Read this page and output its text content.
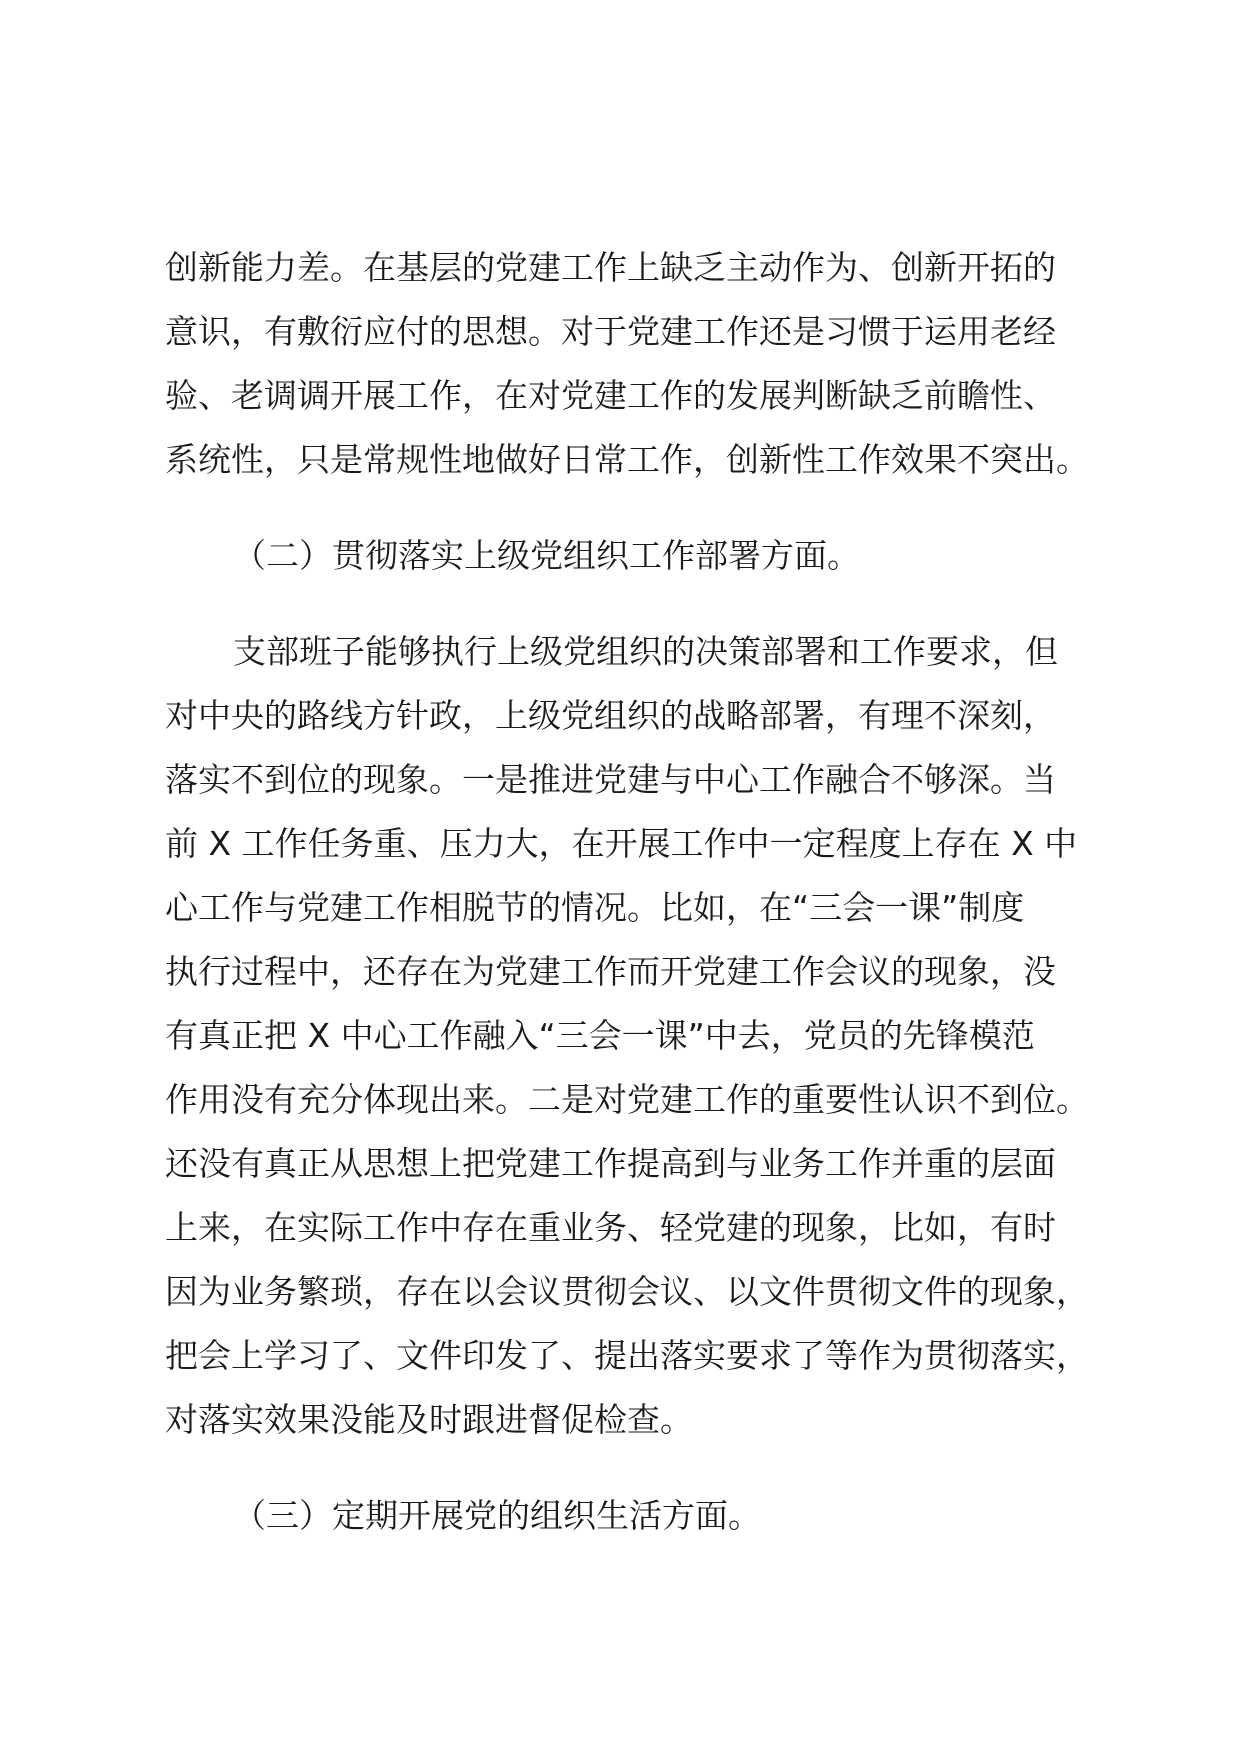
创新能力差。在基层的党建工作上缺乏主动作为、创新开拓的
意识，有敷衍应付的思想。对于党建工作还是习惯于运用老经
验、老调调开展工作，在对党建工作的发展判断缺乏前瞻性、
系统性，只是常规性地做好日常工作，创新性工作效果不突出。
（二）贯彻落实上级党组织工作部署方面。
支部班子能够执行上级党组织的决策部署和工作要求，但
对中央的路线方针政，上级党组织的战略部署，有理不深刻，
落实不到位的现象。一是推进党建与中心工作融合不够深。当
前 X 工作任务重、压力大，在开展工作中一定程度上存在 X 中
心工作与党建工作相脱节的情况。比如，在“三会一课”制度
执行过程中，还存在为党建工作而开党建工作会议的现象，没
有真正把 X 中心工作融入“三会一课”中去，党员的先锋模范
作用没有充分体现出来。二是对党建工作的重要性认识不到位。
还没有真正从思想上把党建工作提高到与业务工作并重的层面
上来，在实际工作中存在重业务、轻党建的现象，比如，有时
因为业务繁琐，存在以会议贯彻会议、以文件贯彻文件的现象，
把会上学习了、文件印发了、提出落实要求了等作为贯彻落实，
对落实效果没能及时跟进督促检查。
（三）定期开展党的组织生活方面。
